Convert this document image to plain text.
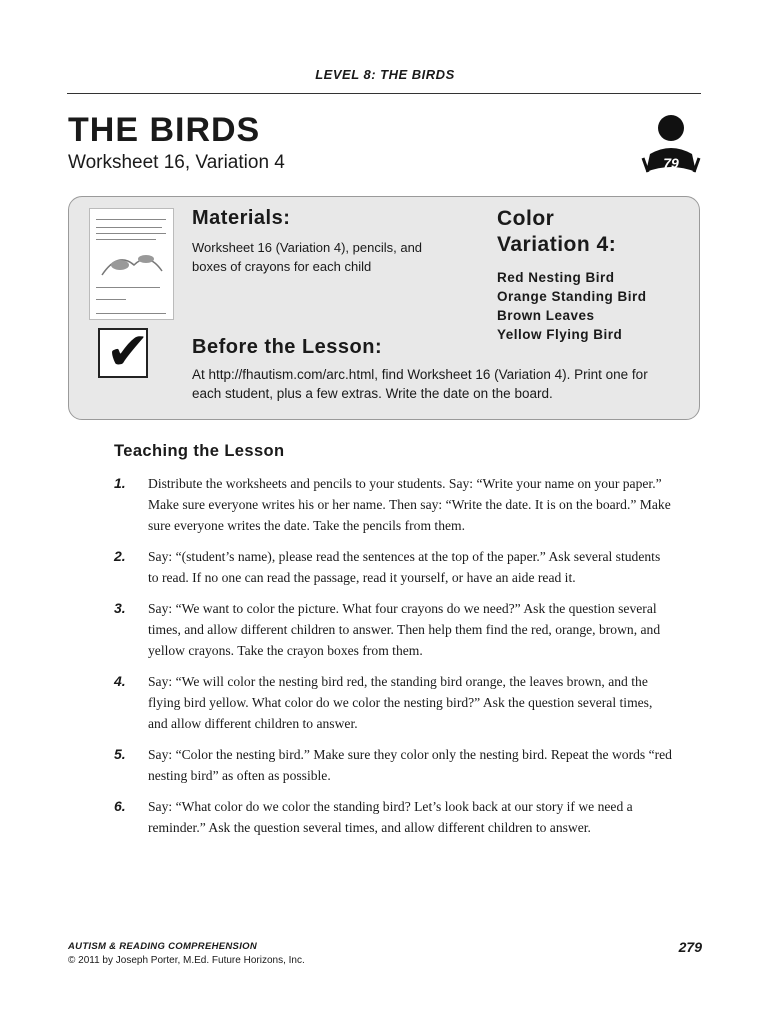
LEVEL 8: THE BIRDS
THE BIRDS
Worksheet 16, Variation 4	79
✔
Materials:
Worksheet 16 (Variation 4), pencils, and boxes of crayons for each child
Color
Variation 4:
Red Nesting Bird
Orange Standing Bird
Brown Leaves
Yellow Flying Bird
Before the Lesson:
At http://fhautism.com/arc.html, find Worksheet 16 (Variation 4). Print one for each student, plus a few extras. Write the date on the board.
Teaching the Lesson
1.	Distribute the worksheets and pencils to your students. Say: “Write your name on your paper.” Make sure everyone writes his or her name. Then say: “Write the date. It is on the board.” Make sure everyone writes the date. Take the pencils from them.
2.	Say: “(student’s name), please read the sentences at the top of the paper.” Ask several students to read. If no one can read the passage, read it yourself, or have an aide read it.
3.	Say: “We want to color the picture. What four crayons do we need?” Ask the question several times, and allow different children to answer. Then help them find the red, orange, brown, and yellow crayons. Take the crayon boxes from them.
4.	Say: “We will color the nesting bird red, the standing bird orange, the leaves brown, and the flying bird yellow. What color do we color the nesting bird?” Ask the question several times, and allow different children to answer.
5.	Say: “Color the nesting bird.” Make sure they color only the nesting bird. Repeat the words “red nesting bird” as often as possible.
6.	Say: “What color do we color the standing bird? Let’s look back at our story if we need a reminder.” Ask the question several times, and allow different children to answer.
AUTISM & READING COMPREHENSION
© 2011 by Joseph Porter, M.Ed. Future Horizons, Inc.
279
